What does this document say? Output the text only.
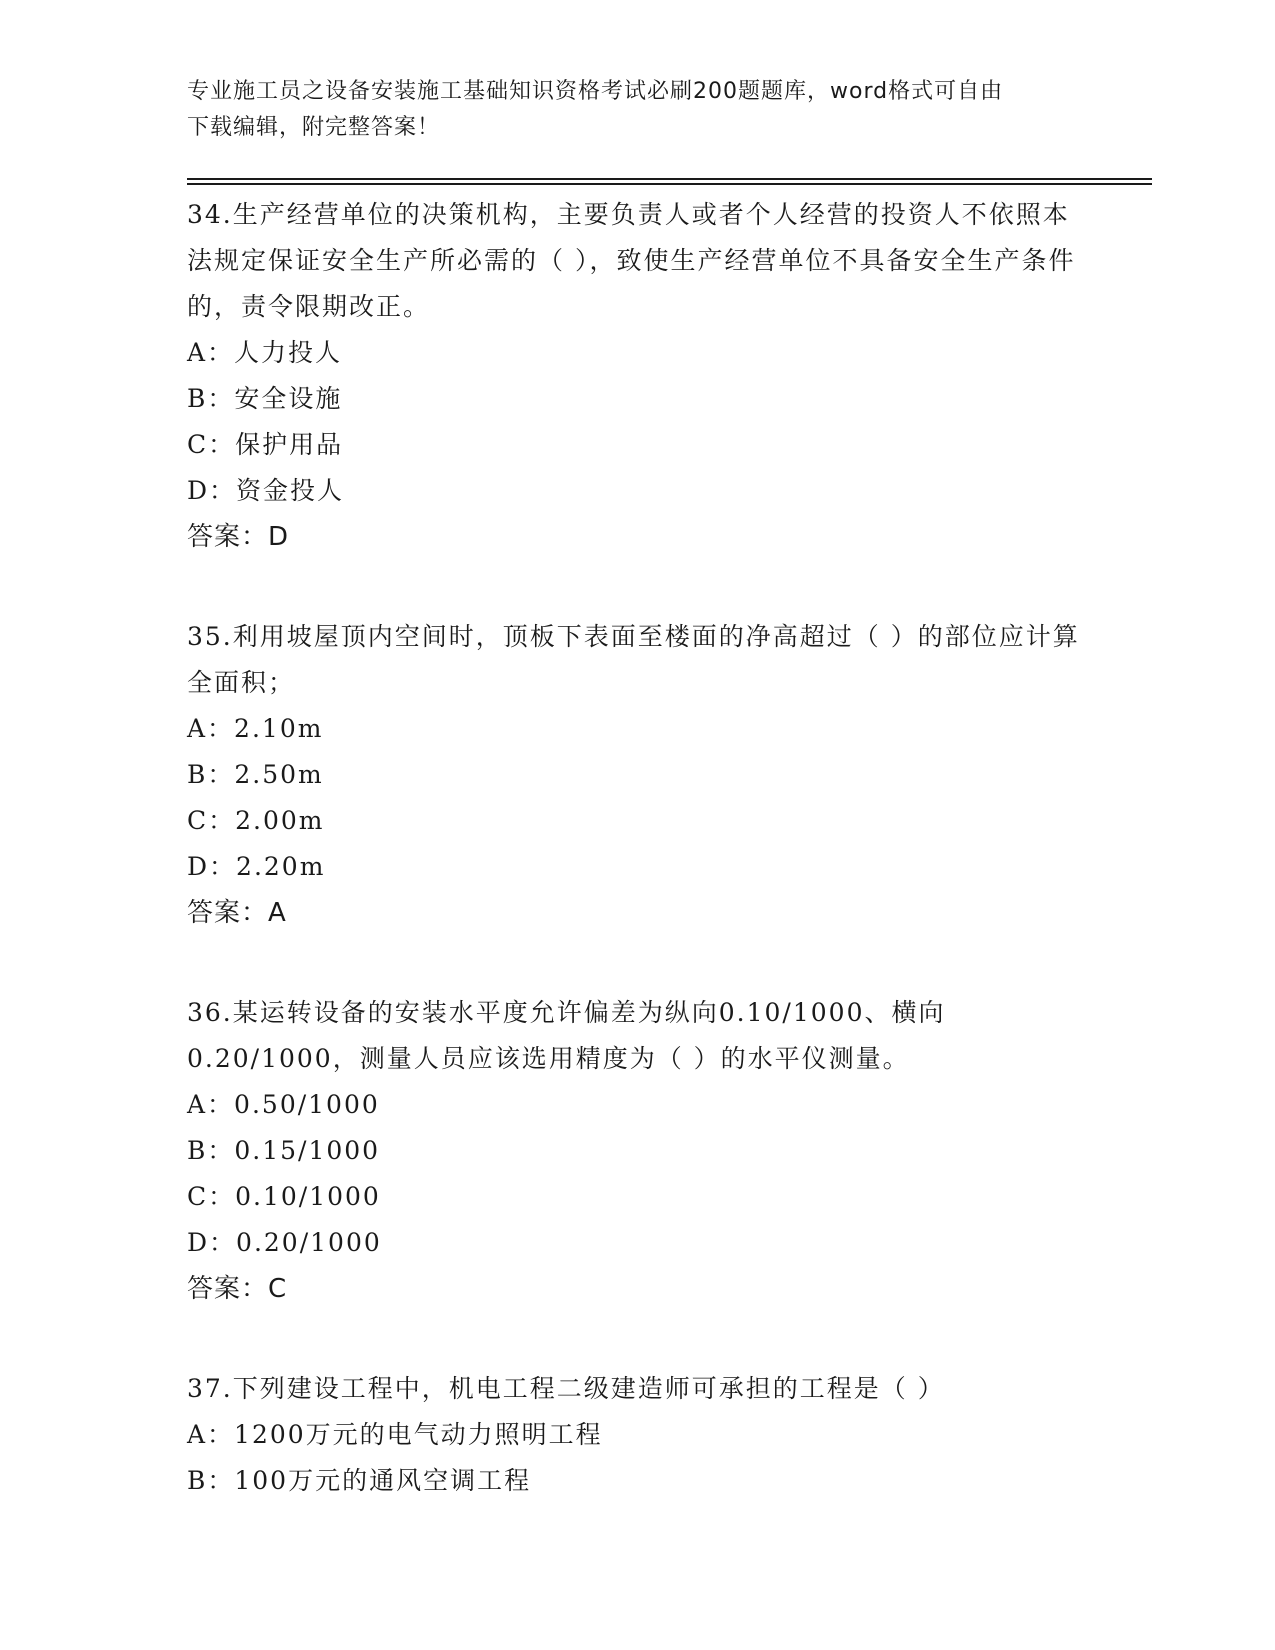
专业施工员之设备安装施工基础知识资格考试必刷200题题库，word格式可自由
下载编辑，附完整答案！
34.生产经营单位的决策机构，主要负责人或者个人经营的投资人不依照本法规定保证安全生产所必需的（ ），致使生产经营单位不具备安全生产条件的，责令限期改正。
A：人力投人
B：安全设施
C：保护用品
D：资金投人
答案：D
35.利用坡屋顶内空间时，顶板下表面至楼面的净高超过（ ）的部位应计算全面积；
A：2.10m
B：2.50m
C：2.00m
D：2.20m
答案：A
36.某运转设备的安装水平度允许偏差为纵向0.10/1000、横向0.20/1000，测量人员应该选用精度为（ ）的水平仪测量。
A：0.50/1000
B：0.15/1000
C：0.10/1000
D：0.20/1000
答案：C
37.下列建设工程中，机电工程二级建造师可承担的工程是（ ）
A：1200万元的电气动力照明工程
B：100万元的通风空调工程
